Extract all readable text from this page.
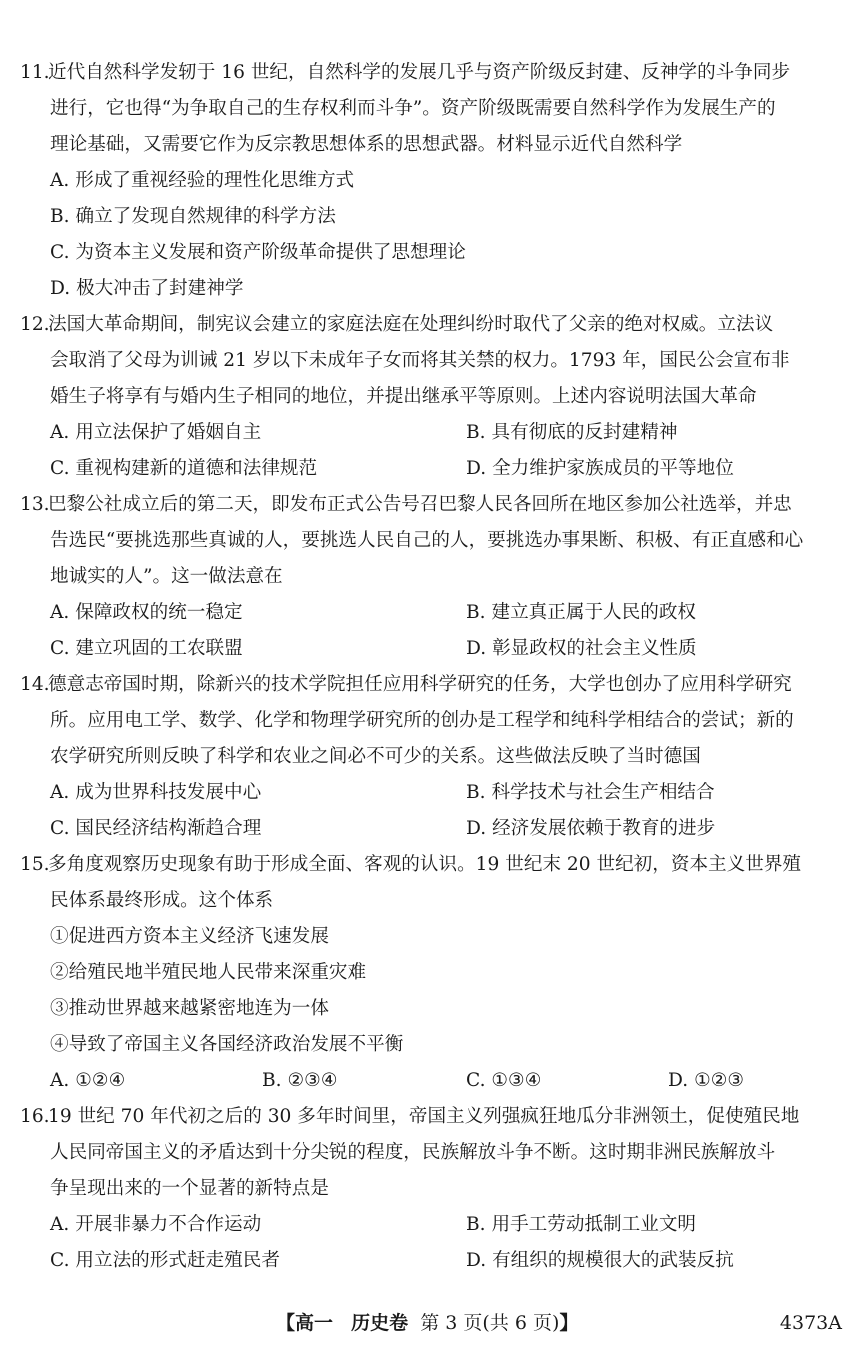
11.近代自然科学发轫于 16 世纪，自然科学的发展几乎与资产阶级反封建、反神学的斗争同步
进行，它也得“为争取自己的生存权利而斗争”。资产阶级既需要自然科学作为发展生产的
理论基础，又需要它作为反宗教思想体系的思想武器。材料显示近代自然科学
A. 形成了重视经验的理性化思维方式
B. 确立了发现自然规律的科学方法
C. 为资本主义发展和资产阶级革命提供了思想理论
D. 极大冲击了封建神学
12.法国大革命期间，制宪议会建立的家庭法庭在处理纠纷时取代了父亲的绝对权威。立法议
会取消了父母为训诫 21 岁以下未成年子女而将其关禁的权力。1793 年，国民公会宣布非
婚生子将享有与婚内生子相同的地位，并提出继承平等原则。上述内容说明法国大革命
A. 用立法保护了婚姻自主	B. 具有彻底的反封建精神
C. 重视构建新的道德和法律规范	D. 全力维护家族成员的平等地位
13.巴黎公社成立后的第二天，即发布正式公告号召巴黎人民各回所在地区参加公社选举，并忠
告选民“要挑选那些真诚的人，要挑选人民自己的人，要挑选办事果断、积极、有正直感和心
地诚实的人”。这一做法意在
A. 保障政权的统一稳定	B. 建立真正属于人民的政权
C. 建立巩固的工农联盟	D. 彰显政权的社会主义性质
14.德意志帝国时期，除新兴的技术学院担任应用科学研究的任务，大学也创办了应用科学研究
所。应用电工学、数学、化学和物理学研究所的创办是工程学和纯科学相结合的尝试；新的
农学研究所则反映了科学和农业之间必不可少的关系。这些做法反映了当时德国
A. 成为世界科技发展中心	B. 科学技术与社会生产相结合
C. 国民经济结构渐趋合理	D. 经济发展依赖于教育的进步
15.多角度观察历史现象有助于形成全面、客观的认识。19 世纪末 20 世纪初，资本主义世界殖
民体系最终形成。这个体系
①促进西方资本主义经济飞速发展
②给殖民地半殖民地人民带来深重灾难
③推动世界越来越紧密地连为一体
④导致了帝国主义各国经济政治发展不平衡
A. ①②④	B. ②③④	C. ①③④	D. ①②③
16.19 世纪 70 年代初之后的 30 多年时间里，帝国主义列强疯狂地瓜分非洲领土，促使殖民地
人民同帝国主义的矛盾达到十分尖锐的程度，民族解放斗争不断。这时期非洲民族解放斗
争呈现出来的一个显著的新特点是
A. 开展非暴力不合作运动	B. 用手工劳动抵制工业文明
C. 用立法的形式赶走殖民者	D. 有组织的规模很大的武装反抗
【高一 历史卷 第 3 页(共 6 页)】	4373A
